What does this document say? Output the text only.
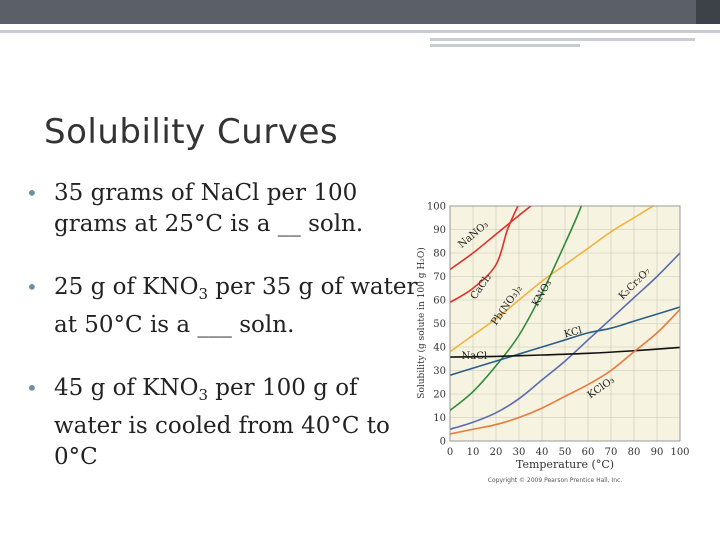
Solubility Curves
• 35 grams of NaCl per 100 grams at 25°C is a __ soln.
• 25 g of $KNO_3$ per 35 g of water at 50°C is a ___ soln.
• 45 g of $KNO_3$ per 100 g of water is cooled from 40°C to 0°C
NaNO₃
CaCl₂
Pb(NO₃)₂ KNO₃	K₂Cr₂O₇
KCl
NaCl
KClO₃
0 10 20 30 40 50 60 70 80 90 100
0
10
20
30
40
50
60
70
80
90
100
Temperature (°C)
Solubility (g solute in 100 g H₂O)
Copyright © 2009 Pearson Prentice Hall, Inc.
